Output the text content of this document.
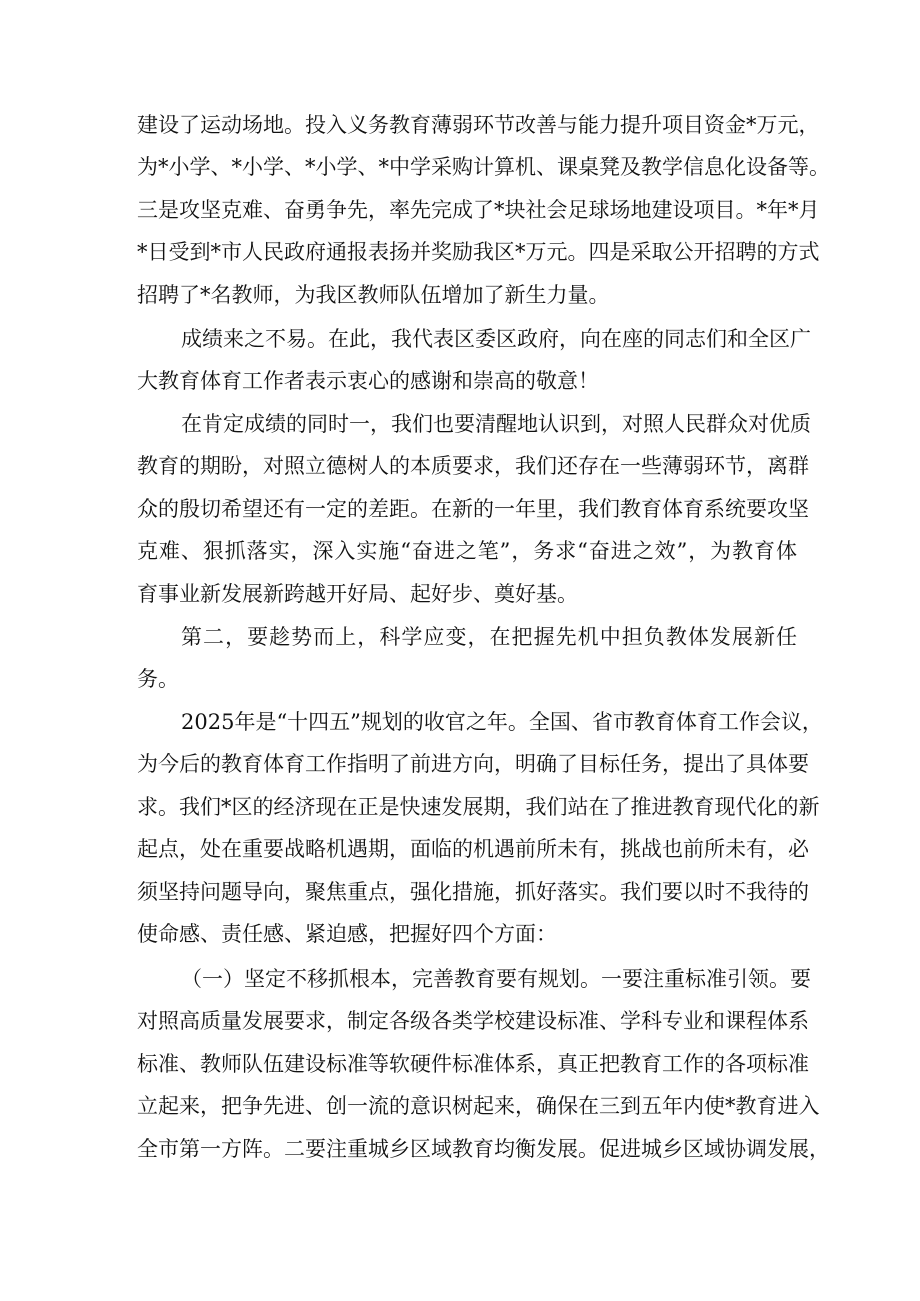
建设了运动场地。投入义务教育薄弱环节改善与能力提升项目资金*万元，
为*小学、*小学、*小学、*中学采购计算机、课桌凳及教学信息化设备等。
三是攻坚克难、奋勇争先，率先完成了*块社会足球场地建设项目。*年*月
*日受到*市人民政府通报表扬并奖励我区*万元。四是采取公开招聘的方式
招聘了*名教师，为我区教师队伍增加了新生力量。
成绩来之不易。在此，我代表区委区政府，向在座的同志们和全区广
大教育体育工作者表示衷心的感谢和崇高的敬意！
在肯定成绩的同时一，我们也要清醒地认识到，对照人民群众对优质
教育的期盼，对照立德树人的本质要求，我们还存在一些薄弱环节，离群
众的殷切希望还有一定的差距。在新的一年里，我们教育体育系统要攻坚
克难、狠抓落实，深入实施“奋进之笔”，务求“奋进之效”，为教育体
育事业新发展新跨越开好局、起好步、奠好基。
第二，要趁势而上，科学应变，在把握先机中担负教体发展新任
务。
2025年是“十四五”规划的收官之年。全国、省市教育体育工作会议，
为今后的教育体育工作指明了前进方向，明确了目标任务，提出了具体要
求。我们*区的经济现在正是快速发展期，我们站在了推进教育现代化的新
起点，处在重要战略机遇期，面临的机遇前所未有，挑战也前所未有，必
须坚持问题导向，聚焦重点，强化措施，抓好落实。我们要以时不我待的
使命感、责任感、紧迫感，把握好四个方面：
（一）坚定不移抓根本，完善教育要有规划。一要注重标准引领。要
对照高质量发展要求，制定各级各类学校建设标准、学科专业和课程体系
标准、教师队伍建设标准等软硬件标准体系，真正把教育工作的各项标准
立起来，把争先进、创一流的意识树起来，确保在三到五年内使*教育进入
全市第一方阵。二要注重城乡区域教育均衡发展。促进城乡区域协调发展，
